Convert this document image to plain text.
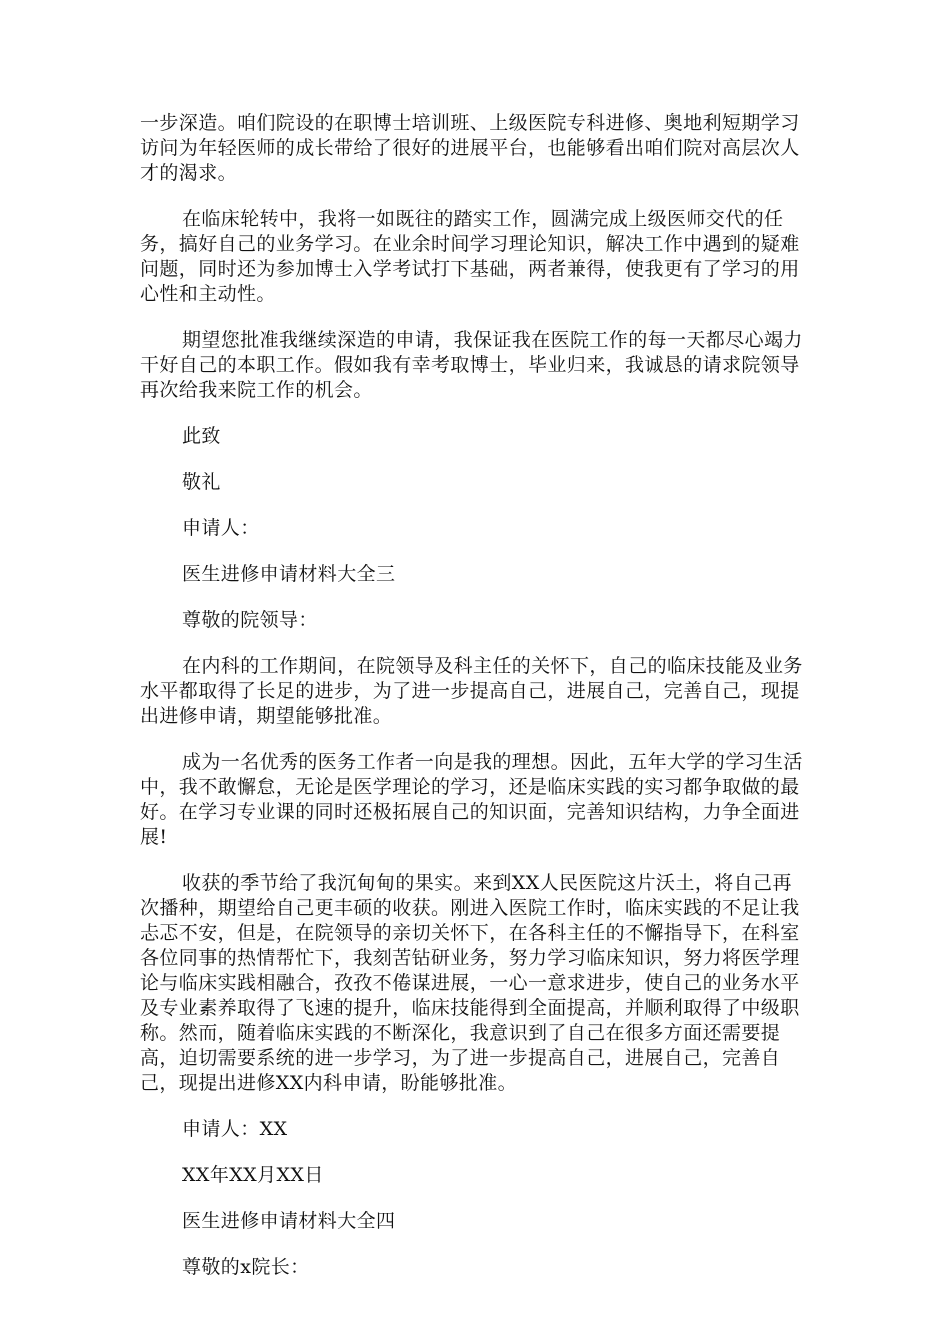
一步深造。咱们院设的在职博士培训班、上级医院专科进修、奥地利短期学习
访问为年轻医师的成长带给了很好的进展平台，也能够看出咱们院对高层次人
才的渴求。

在临床轮转中，我将一如既往的踏实工作，圆满完成上级医师交代的任
务，搞好自己的业务学习。在业余时间学习理论知识，解决工作中遇到的疑难
问题，同时还为参加博士入学考试打下基础，两者兼得，使我更有了学习的用
心性和主动性。

期望您批准我继续深造的申请，我保证我在医院工作的每一天都尽心竭力
干好自己的本职工作。假如我有幸考取博士，毕业归来，我诚恳的请求院领导
再次给我来院工作的机会。

此致

敬礼

申请人：

医生进修申请材料大全三

尊敬的院领导：

在内科的工作期间，在院领导及科主任的关怀下，自己的临床技能及业务
水平都取得了长足的进步，为了进一步提高自己，进展自己，完善自己，现提
出进修申请，期望能够批准。

成为一名优秀的医务工作者一向是我的理想。因此，五年大学的学习生活
中，我不敢懈怠，无论是医学理论的学习，还是临床实践的实习都争取做的最
好。在学习专业课的同时还极拓展自己的知识面，完善知识结构，力争全面进
展!

收获的季节给了我沉甸甸的果实。来到XX人民医院这片沃土，将自己再
次播种，期望给自己更丰硕的收获。刚进入医院工作时，临床实践的不足让我
忐忑不安，但是，在院领导的亲切关怀下，在各科主任的不懈指导下，在科室
各位同事的热情帮忙下，我刻苦钻研业务，努力学习临床知识，努力将医学理
论与临床实践相融合，孜孜不倦谋进展，一心一意求进步，使自己的业务水平
及专业素养取得了飞速的提升，临床技能得到全面提高，并顺利取得了中级职
称。然而，随着临床实践的不断深化，我意识到了自己在很多方面还需要提
高，迫切需要系统的进一步学习，为了进一步提高自己，进展自己，完善自
己，现提出进修XX内科申请，盼能够批准。

申请人：XX

XX年XX月XX日

医生进修申请材料大全四

尊敬的x院长：
